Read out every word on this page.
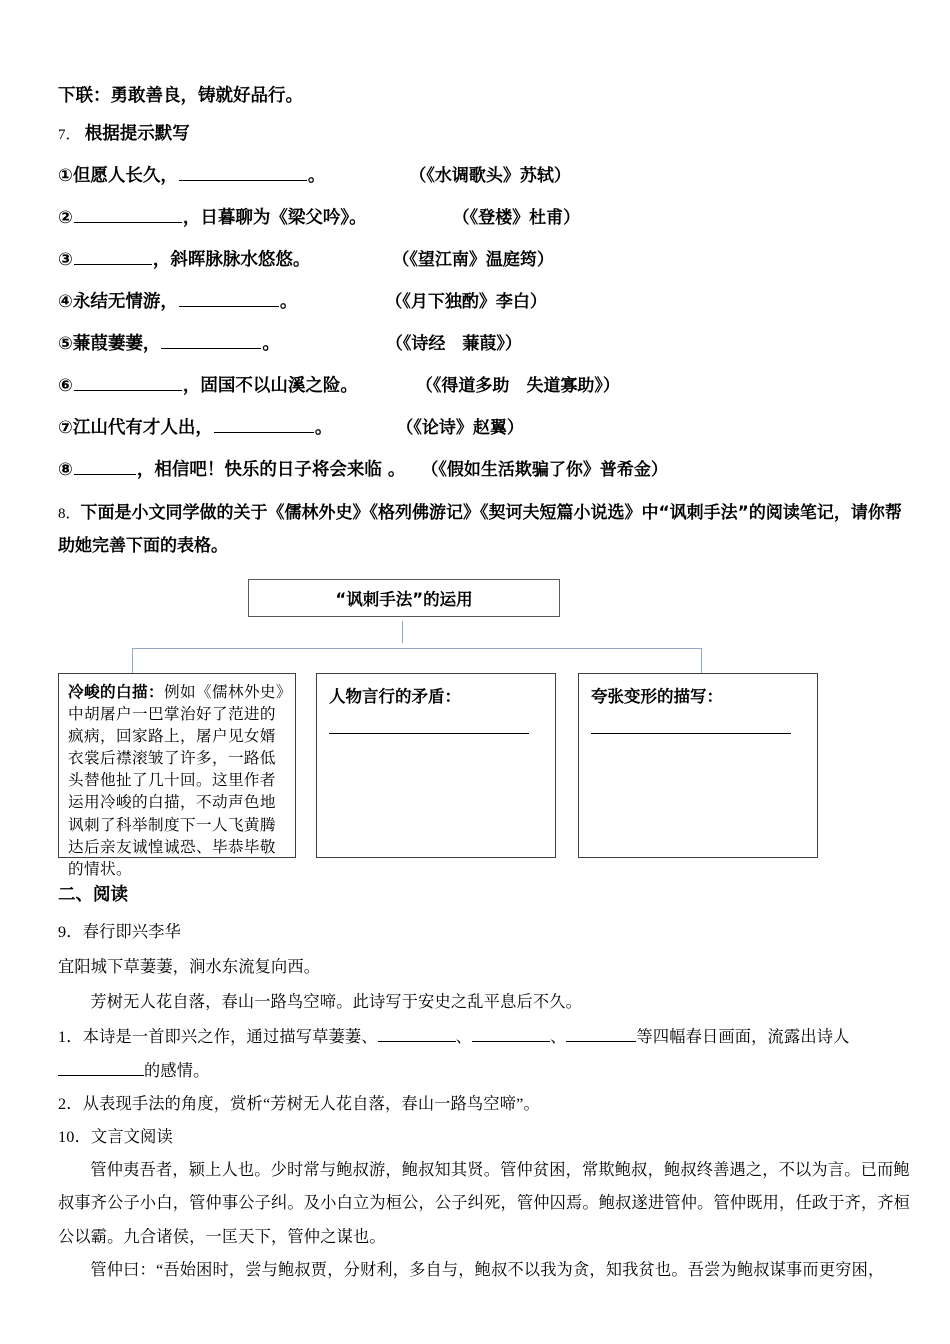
下联：勇敢善良，铸就好品行。
7． 根据提示默写
① 但愿人长久，	。	（《水调歌头》苏轼）
②	，日暮聊为《梁父吟》。	（《登楼》杜甫）
③	，斜晖脉脉水悠悠。	（《望江南》温庭筠）
④ 永结无情游，	。	（《月下独酌》李白）
⑤ 蒹葭萋萋，	。	（《诗经　蒹葭》）
⑥	，固国不以山溪之险。	（《得道多助　失道寡助》）
⑦ 江山代有才人出，	。	（《论诗》赵翼）
⑧	，相信吧！快乐的日子将会来临 。 （《假如生活欺骗了你》普希金）
8．下面是小文同学做的关于《儒林外史》《格列佛游记》《契诃夫短篇小说选》中“讽刺手法”的阅读笔记，请你帮助她完善下面的表格。
“讽刺手法”的运用
冷峻的白描：例如《儒林外史》中胡屠户一巴掌治好了范进的疯病，回家路上，屠户见女婿衣裳后襟滚皱了许多，一路低头替他扯了几十回。这里作者运用冷峻的白描，不动声色地讽刺了科举制度下一人飞黄腾达后亲友诚惶诚恐、毕恭毕敬的情状。
人物言行的矛盾：	夸张变形的描写：
二、阅读
9．春行即兴李华
宜阳城下草萋萋，涧水东流复向西。
芳树无人花自落，春山一路鸟空啼。此诗写于安史之乱平息后不久。
1．本诗是一首即兴之作，通过描写草萋萋、	、	、	等四幅春日画面，流露出诗人的感情。
2．从表现手法的角度，赏析“芳树无人花自落，春山一路鸟空啼”。
10．文言文阅读
管仲夷吾者，颍上人也。少时常与鲍叔游，鲍叔知其贤。管仲贫困，常欺鲍叔，鲍叔终善遇之，不以为言。已而鲍叔事齐公子小白，管仲事公子纠。及小白立为桓公，公子纠死，管仲囚焉。鲍叔遂进管仲。管仲既用，任政于齐，齐桓公以霸。九合诸侯，一匡天下，管仲之谋也。
管仲曰：“吾始困时，尝与鲍叔贾，分财利，多自与，鲍叔不以我为贪，知我贫也。吾尝为鲍叔谋事而更穷困，
